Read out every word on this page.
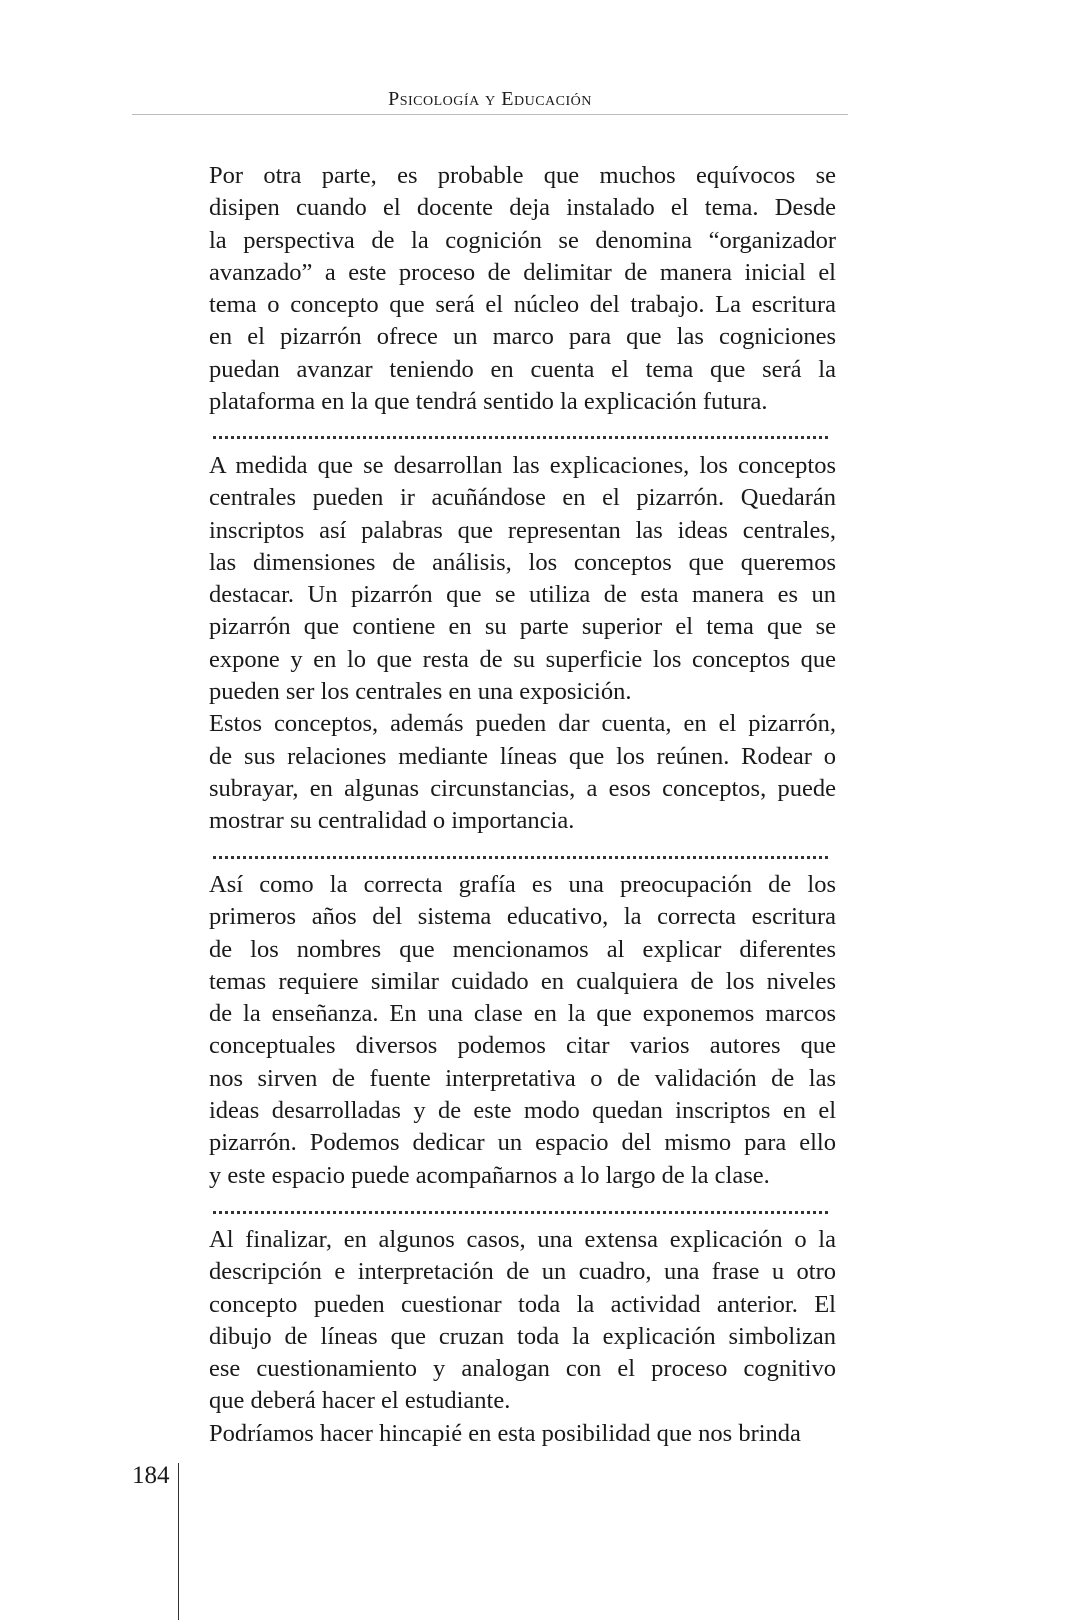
Psicología y Educación
Por otra parte, es probable que muchos equívocos se
disipen cuando el docente deja instalado el tema. Desde
la perspectiva de la cognición se denomina “organizador
avanzado” a este proceso de delimitar de manera inicial el
tema o concepto que será el núcleo del trabajo. La escritura
en el pizarrón ofrece un marco para que las cogniciones
puedan avanzar teniendo en cuenta el tema que será la
plataforma en la que tendrá sentido la explicación futura.
A medida que se desarrollan las explicaciones, los conceptos
centrales pueden ir acuñándose en el pizarrón. Quedarán
inscriptos así palabras que representan las ideas centrales,
las dimensiones de análisis, los conceptos que queremos
destacar. Un pizarrón que se utiliza de esta manera es un
pizarrón que contiene en su parte superior el tema que se
expone y en lo que resta de su superficie los conceptos que
pueden ser los centrales en una exposición.
Estos conceptos, además pueden dar cuenta, en el pizarrón,
de sus relaciones mediante líneas que los reúnen. Rodear o
subrayar, en algunas circunstancias, a esos conceptos, puede
mostrar su centralidad o importancia.
Así como la correcta grafía es una preocupación de los
primeros años del sistema educativo, la correcta escritura
de los nombres que mencionamos al explicar diferentes
temas requiere similar cuidado en cualquiera de los niveles
de la enseñanza. En una clase en la que exponemos marcos
conceptuales diversos podemos citar varios autores que
nos sirven de fuente interpretativa o de validación de las
ideas desarrolladas y de este modo quedan inscriptos en el
pizarrón. Podemos dedicar un espacio del mismo para ello
y este espacio puede acompañarnos a lo largo de la clase.
Al finalizar, en algunos casos, una extensa explicación o la
descripción e interpretación de un cuadro, una frase u otro
concepto pueden cuestionar toda la actividad anterior. El
dibujo de líneas que cruzan toda la explicación simbolizan
ese cuestionamiento y analogan con el proceso cognitivo
que deberá hacer el estudiante.
Podríamos hacer hincapié en esta posibilidad que nos brinda
184
